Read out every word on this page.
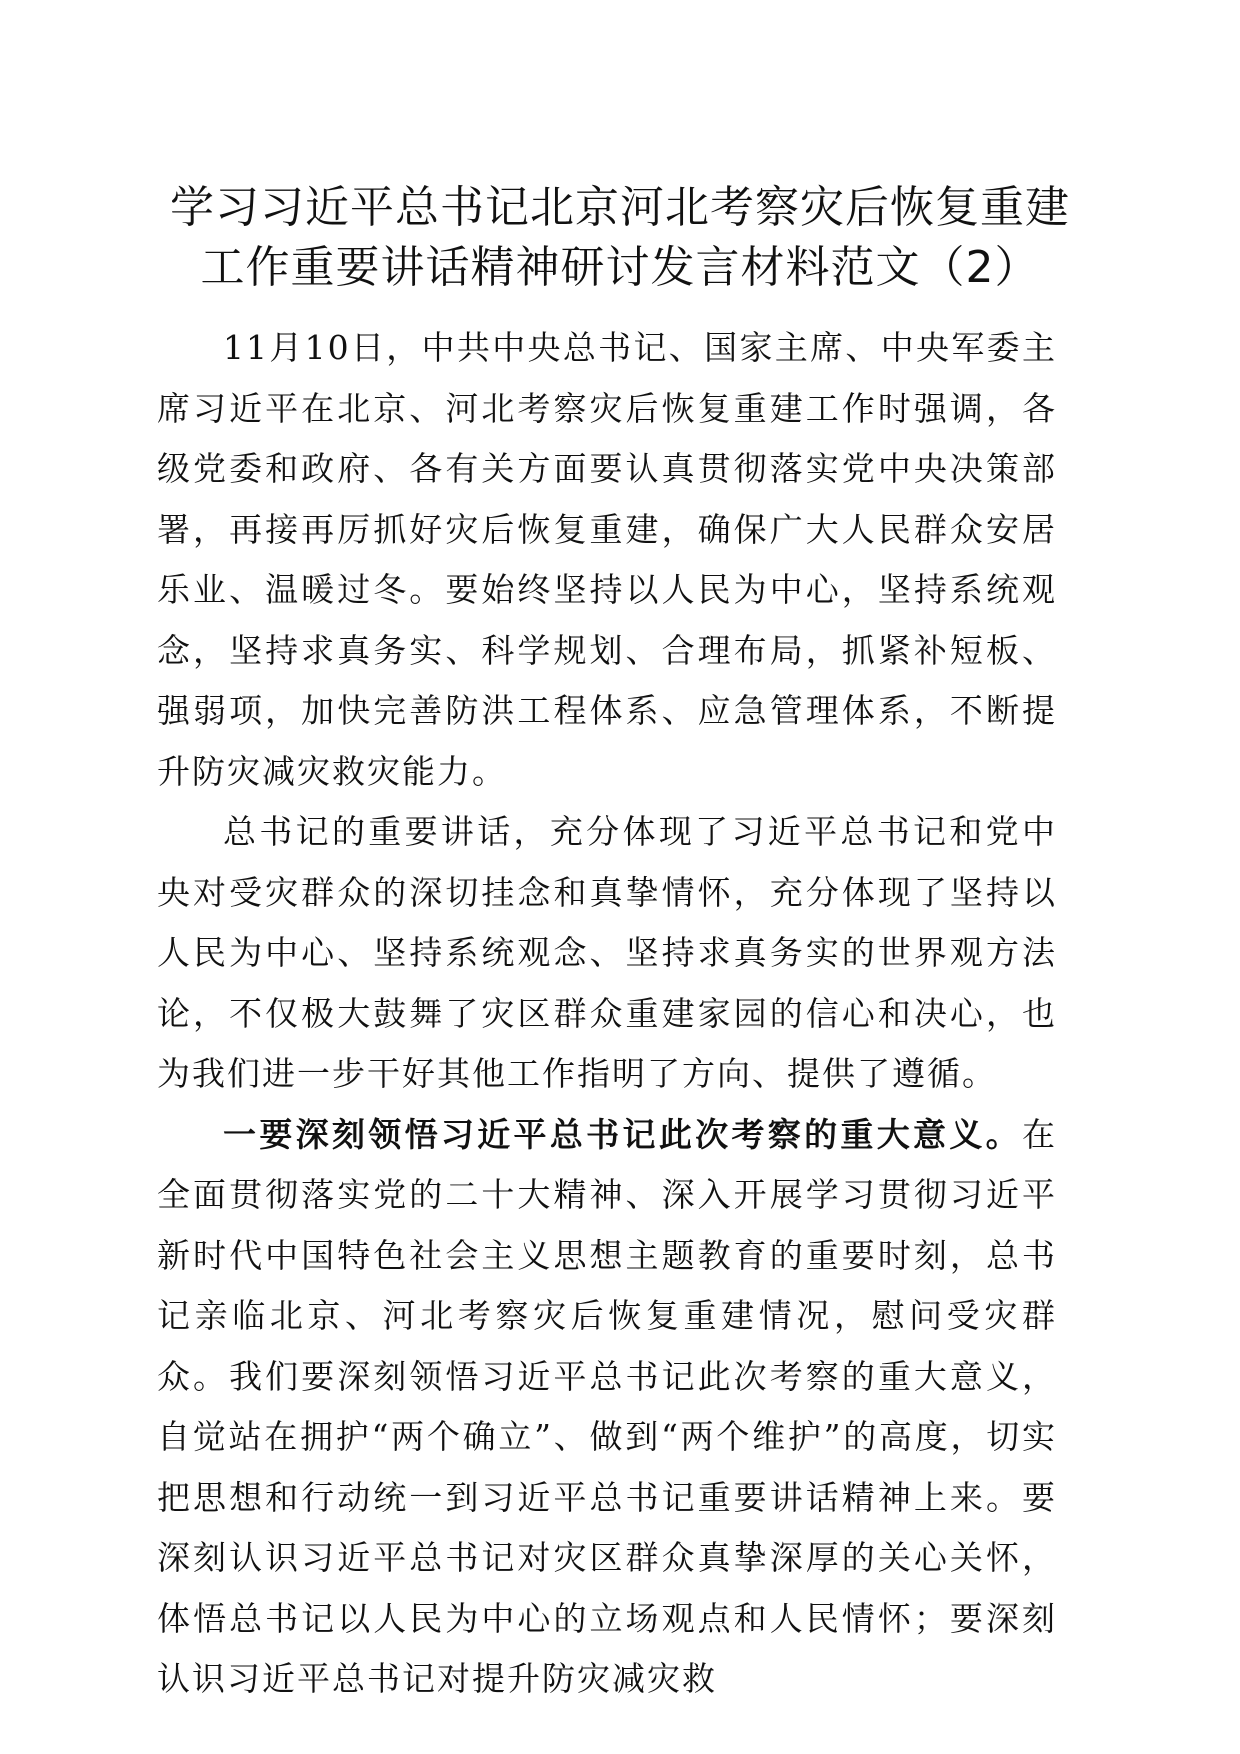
学习习近平总书记北京河北考察灾后恢复重建
工作重要讲话精神研讨发言材料范文（2）

11月10日，中共中央总书记、国家主席、中央军委主席习近平在北京、河北考察灾后恢复重建工作时强调，各级党委和政府、各有关方面要认真贯彻落实党中央决策部署，再接再厉抓好灾后恢复重建，确保广大人民群众安居乐业、温暖过冬。要始终坚持以人民为中心，坚持系统观念，坚持求真务实、科学规划、合理布局，抓紧补短板、强弱项，加快完善防洪工程体系、应急管理体系，不断提升防灾减灾救灾能力。

总书记的重要讲话，充分体现了习近平总书记和党中央对受灾群众的深切挂念和真挚情怀，充分体现了坚持以人民为中心、坚持系统观念、坚持求真务实的世界观方法论，不仅极大鼓舞了灾区群众重建家园的信心和决心，也为我们进一步干好其他工作指明了方向、提供了遵循。

一要深刻领悟习近平总书记此次考察的重大意义。在全面贯彻落实党的二十大精神、深入开展学习贯彻习近平新时代中国特色社会主义思想主题教育的重要时刻，总书记亲临北京、河北考察灾后恢复重建情况，慰问受灾群众。我们要深刻领悟习近平总书记此次考察的重大意义，自觉站在拥护“两个确立”、做到“两个维护”的高度，切实把思想和行动统一到习近平总书记重要讲话精神上来。要深刻认识习近平总书记对灾区群众真挚深厚的关心关怀，体悟总书记以人民为中心的立场观点和人民情怀；要深刻认识习近平总书记对提升防灾减灾救
